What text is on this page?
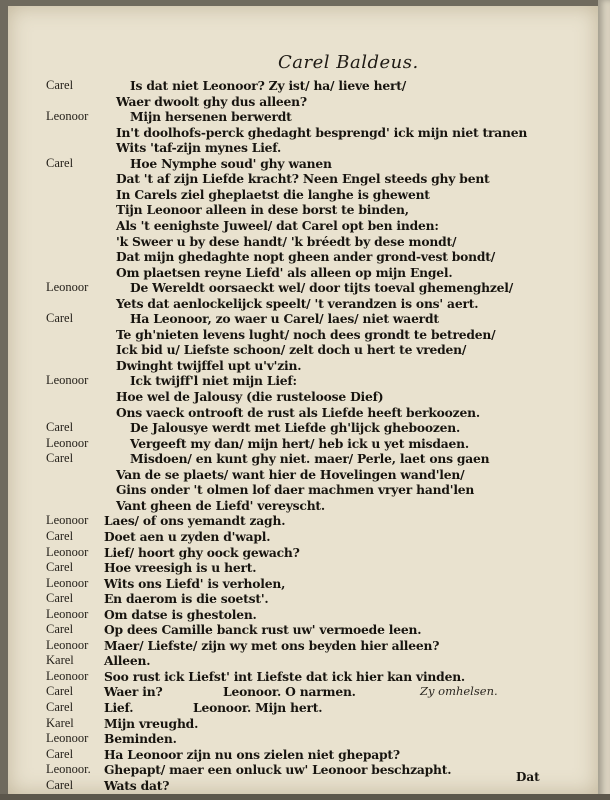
Carel Baldeus.
Carel	Is dat niet Leonoor? Zy ist/ ha/ lieve hert/
Waer dwoolt ghy dus alleen?
Leonoor	Mijn hersenen berwerdt
In't doolhofs-perck ghedaght besprengd' ick mijn niet tranen
Wits 'taf-zijn mynes Lief.
Carel	Hoe Nymphe soud' ghy wanen
Dat 't af zijn Liefde kracht? Neen Engel steeds ghy bent
In Carels ziel gheplaetst die langhe is ghewent
Tijn Leonoor alleen in dese borst te binden,
Als 't eenighste Juweel/ dat Carel opt ben inden:
'k Sweer u by dese handt/ 'k bréedt by dese mondt/
Dat mijn ghedaghte nopt gheen ander grond-vest bondt/
Om plaetsen reyne Liefd' als alleen op mijn Engel.
Leonoor	De Wereldt oorsaeckt wel/ door tijts toeval ghemenghzel/
Yets dat aenlockelijck speelt/ 't verandzen is ons' aert.
Carel	Ha Leonoor, zo waer u Carel/ laes/ niet waerdt
Te gh'nieten levens lught/ noch dees grondt te betreden/
Ick bid u/ Liefste schoon/ zelt doch u hert te vreden/
Dwinght twijffel upt u'v'zin.
Leonoor	Ick twijff'l niet mijn Lief:
Hoe wel de Jalousy (die rusteloose Dief)
Ons vaeck ontrooft de rust als Liefde heeft berkoozen.
Carel	De Jalousye werdt met Liefde gh'lijck gheboozen.
Leonoor	Vergeeft my dan/ mijn hert/ heb ick u yet misdaen.
Carel	Misdoen/ en kunt ghy niet. maer/ Perle, laet ons gaen
Van de se plaets/ want hier de Hovelingen wand'len/
Gins onder 't olmen lof daer machmen vryer hand'len
Vant gheen de Liefd' vereyscht.
Leonoor Laes/ of ons yemandt zagh.
Carel	Doet aen u zyden d'wapl.
Leonoor Lief/ hoort ghy oock gewach?
Carel	Hoe vreesigh is u hert.
Leonoor Wits ons Liefd' is verholen,
Carel	En daerom is die soetst'.
Leonoor Om datse is ghestolen.
Carel	Op dees Camille banck rust uw' vermoede leen.
Leonoor Maer/ Liefste/ zijn wy met ons beyden hier alleen?
Karel Alleen.
Leonoor Soo rust ick Liefst' int Liefste dat ick hier kan vinden.
Carel	Waer in?	Leonoor. O narmen.	Zy omhelsen.
Carel	Lief.	Leonoor. Mijn hert.
Karel Mijn vreughd.
Leonoor Beminden.
Carel	Ha Leonoor zijn nu ons zielen niet ghepapt?
Leonoor. Ghepapt/ maer een onluck uw' Leonoor beschzapht.
Carel	Wats dat?
Dat
